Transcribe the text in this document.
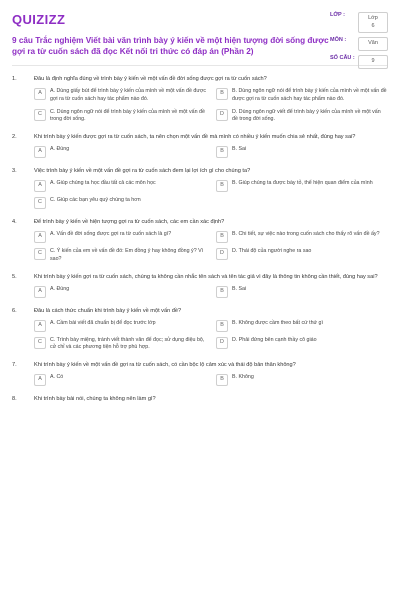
QUIZIZZ
9 câu Trắc nghiệm Viết bài văn trình bày ý kiến về một hiện tượng đời sống được gợi ra từ cuốn sách đã đọc Kết nối tri thức có đáp án (Phần 2)
LỚP :	Lớp
6
MÔN :	Văn
SỐ CÂU :	9
1.	Đâu là định nghĩa đúng về trình bày ý kiến về một vấn đề đời sống được gợi ra từ cuốn sách?
A	A. Dùng giấy bút để trình bày ý kiến của mình về một vấn đề được gợi ra từ cuốn sách hay tác phẩm nào đó.
B	B. Dùng ngôn ngữ nói để trình bày ý kiến của mình về một vấn đề được gợi ra từ cuốn sách hay tác phẩm nào đó.
C	C. Dùng ngôn ngữ nói để trình bày ý kiến của mình về một vấn đề trong đời sống.
D	D. Dùng ngôn ngữ viết để trình bày ý kiến của mình về một vấn đề trong đời sống.
2.	Khi trình bày ý kiến được gợi ra từ cuốn sách, ta nên chọn một vấn đề mà mình có nhiều ý kiến muốn chia sẻ nhất, đúng hay sai?
A	A. Đúng	B	B. Sai
3.	Việc trình bày ý kiến về một vấn đề gợi ra từ cuốn sách đem lại lợi ích gì cho chúng ta?
A	A. Giúp chúng ta học đầu tất cả các môn học	B	B. Giúp chúng ta được bày tỏ, thể hiện quan điểm của mình
C	C. Giúp các bạn yêu quý chúng ta hơn
4.	Để trình bày ý kiến về hiện tượng gợi ra từ cuốn sách, các em cần xác định?
A	A. Vấn đề đời sống được gợi ra từ cuốn sách là gì?	B	B. Chi tiết, sự việc nào trong cuốn sách cho thấy rõ vấn đề ấy?
C	C. Ý kiến của em về vấn đề đó: Em đồng ý hay không đồng ý? Vì sao?
D	D. Thái độ của người nghe ra sao
5.	Khi trình bày ý kiến gợi ra từ cuốn sách, chúng ta không cần nhắc tên sách và tên tác giả vì đây là thông tin không cần thiết, đúng hay sai?
A	A. Đúng	B	B. Sai
6.	Đâu là cách thức chuẩn khi trình bày ý kiến về một vấn đề?
A	A. Cầm bài viết đã chuẩn bị để đọc trước lớp	B	B. Không được cầm theo bất cứ thứ gì
C	C. Trình bày miệng, tránh viết thành văn để đọc; sử dụng điệu bộ, cử chỉ và các phương tiện hỗ trợ phù hợp.
D	D. Phải đứng bên cạnh thầy cô giáo
7.	Khi trình bày ý kiến về một vấn đề gợi ra từ cuốn sách, có cần bộc lộ cảm xúc và thái độ bản thân không?
A	A. Có	B	B. Không
8.	Khi trình bày bài nói, chúng ta không nên làm gì?
